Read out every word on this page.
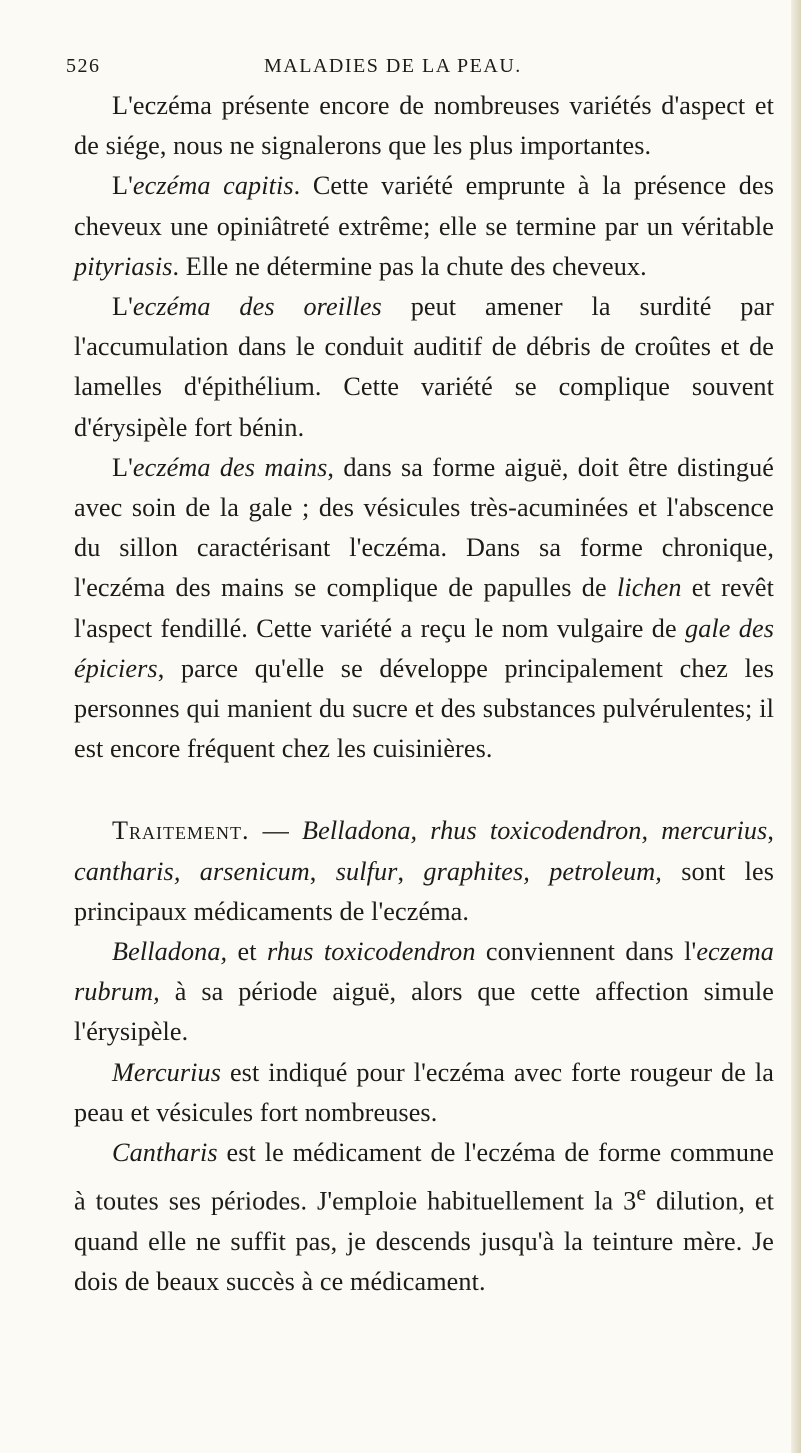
526	MALADIES DE LA PEAU.

L'eczéma présente encore de nombreuses variétés d'aspect et de siége, nous ne signalerons que les plus importantes.

L'eczéma capitis. Cette variété emprunte à la présence des cheveux une opiniâtreté extrême; elle se termine par un véritable pityriasis. Elle ne détermine pas la chute des cheveux.

L'eczéma des oreilles peut amener la surdité par l'accumulation dans le conduit auditif de débris de croûtes et de lamelles d'épithélium. Cette variété se complique souvent d'érysipèle fort bénin.

L'eczéma des mains, dans sa forme aiguë, doit être distingué avec soin de la gale ; des vésicules très-acuminées et l'abscence du sillon caractérisant l'eczéma. Dans sa forme chronique, l'eczéma des mains se complique de papulles de lichen et revêt l'aspect fendillé. Cette variété a reçu le nom vulgaire de gale des épiciers, parce qu'elle se développe principalement chez les personnes qui manient du sucre et des substances pulvérulentes; il est encore fréquent chez les cuisinières.

Traitement. — Belladona, rhus toxicodendron, mercurius, cantharis, arsenicum, sulfur, graphites, petroleum, sont les principaux médicaments de l'eczéma.

Belladona, et rhus toxicodendron conviennent dans l'eczema rubrum, à sa période aiguë, alors que cette affection simule l'érysipèle.

Mercurius est indiqué pour l'eczéma avec forte rougeur de la peau et vésicules fort nombreuses.

Cantharis est le médicament de l'eczéma de forme commune à toutes ses périodes. J'emploie habituellement la 3e dilution, et quand elle ne suffit pas, je descends jusqu'à la teinture mère. Je dois de beaux succès à ce médicament.
